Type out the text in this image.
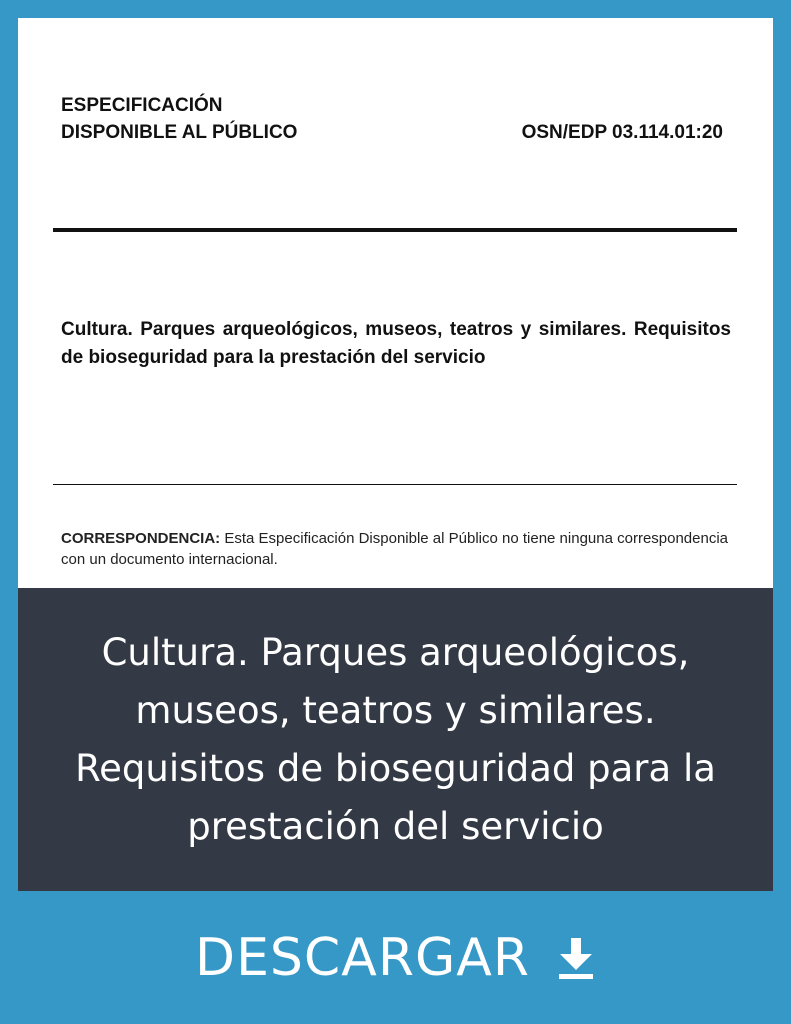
ESPECIFICACIÓN
DISPONIBLE AL PÚBLICO	OSN/EDP 03.114.01:20

Cultura. Parques arqueológicos, museos, teatros y similares. Requisitos de bioseguridad para la prestación del servicio

CORRESPONDENCIA: Esta Especificación Disponible al Público no tiene ninguna correspondencia con un documento internacional.

Cultura. Parques arqueológicos, museos, teatros y similares. Requisitos de bioseguridad para la prestación del servicio
DESCARGAR
